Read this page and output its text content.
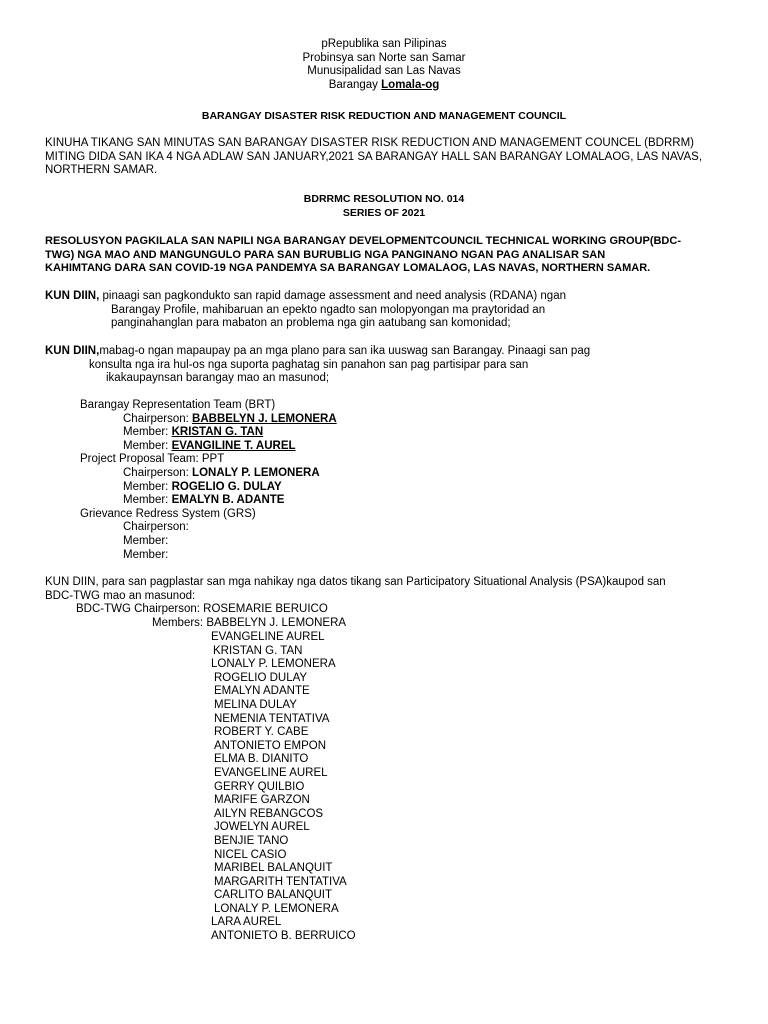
pRepublika san Pilipinas
Probinsya san Norte san Samar
Munusipalidad san Las Navas
Barangay Lomala-og
BARANGAY DISASTER RISK REDUCTION AND MANAGEMENT COUNCIL
KINUHA TIKANG SAN MINUTAS SAN BARANGAY DISASTER RISK REDUCTION AND MANAGEMENT COUNCEL (BDRRM)
MITING DIDA SAN IKA 4 NGA ADLAW SAN JANUARY,2021 SA BARANGAY HALL SAN BARANGAY LOMALAOG, LAS NAVAS,
NORTHERN SAMAR.
BDRRMC RESOLUTION NO. 014
SERIES OF 2021
RESOLUSYON PAGKILALA SAN NAPILI NGA BARANGAY DEVELOPMENTCOUNCIL TECHNICAL WORKING GROUP(BDC-
TWG) NGA MAO AND MANGUNGULO PARA SAN BURUBLIG NGA PANGINANO NGAN PAG ANALISAR SAN
KAHIMTANG DARA SAN COVID-19 NGA PANDEMYA SA BARANGAY LOMALAOG, LAS NAVAS, NORTHERN SAMAR.
KUN DIIN, pinaagi san pagkondukto san rapid damage assessment and need analysis (RDANA) ngan
Barangay Profile, mahibaruan an epekto ngadto san molopyongan ma praytoridad an
panginahanglan para mabaton an problema nga gin aatubang san komonidad;
KUN DIIN,mabag-o ngan mapaupay pa an mga plano para san ika uuswag san Barangay. Pinaagi san pag
konsulta nga ira hul-os nga suporta paghatag sin panahon san pag partisipar para san
ikakaupaynsan barangay mao an masunod;
Barangay Representation Team (BRT)
Chairperson: BABBELYN J. LEMONERA
Member: KRISTAN G. TAN
Member: EVANGILINE T. AUREL
Project Proposal Team: PPT
Chairperson: LONALY P. LEMONERA
Member: ROGELIO G. DULAY
Member: EMALYN B. ADANTE
Grievance Redress System (GRS)
Chairperson:
Member:
Member:
KUN DIIN, para san pagplastar san mga nahikay nga datos tikang san Participatory Situational Analysis (PSA)kaupod san
BDC-TWG mao an masunod:
BDC-TWG Chairperson: ROSEMARIE BERUICO
Members: BABBELYN J. LEMONERA
EVANGELINE AUREL
KRISTAN G. TAN
LONALY P. LEMONERA
ROGELIO DULAY
EMALYN ADANTE
MELINA DULAY
NEMENIA TENTATIVA
ROBERT Y. CABE
ANTONIETO EMPON
ELMA B. DIANITO
EVANGELINE AUREL
GERRY QUILBIO
MARIFE GARZON
AILYN REBANGCOS
JOWELYN AUREL
BENJIE TANO
NICEL CASIO
MARIBEL BALANQUIT
MARGARITH TENTATIVA
CARLITO BALANQUIT
LONALY P. LEMONERA
LARA AUREL
ANTONIETO B. BERRUICO
